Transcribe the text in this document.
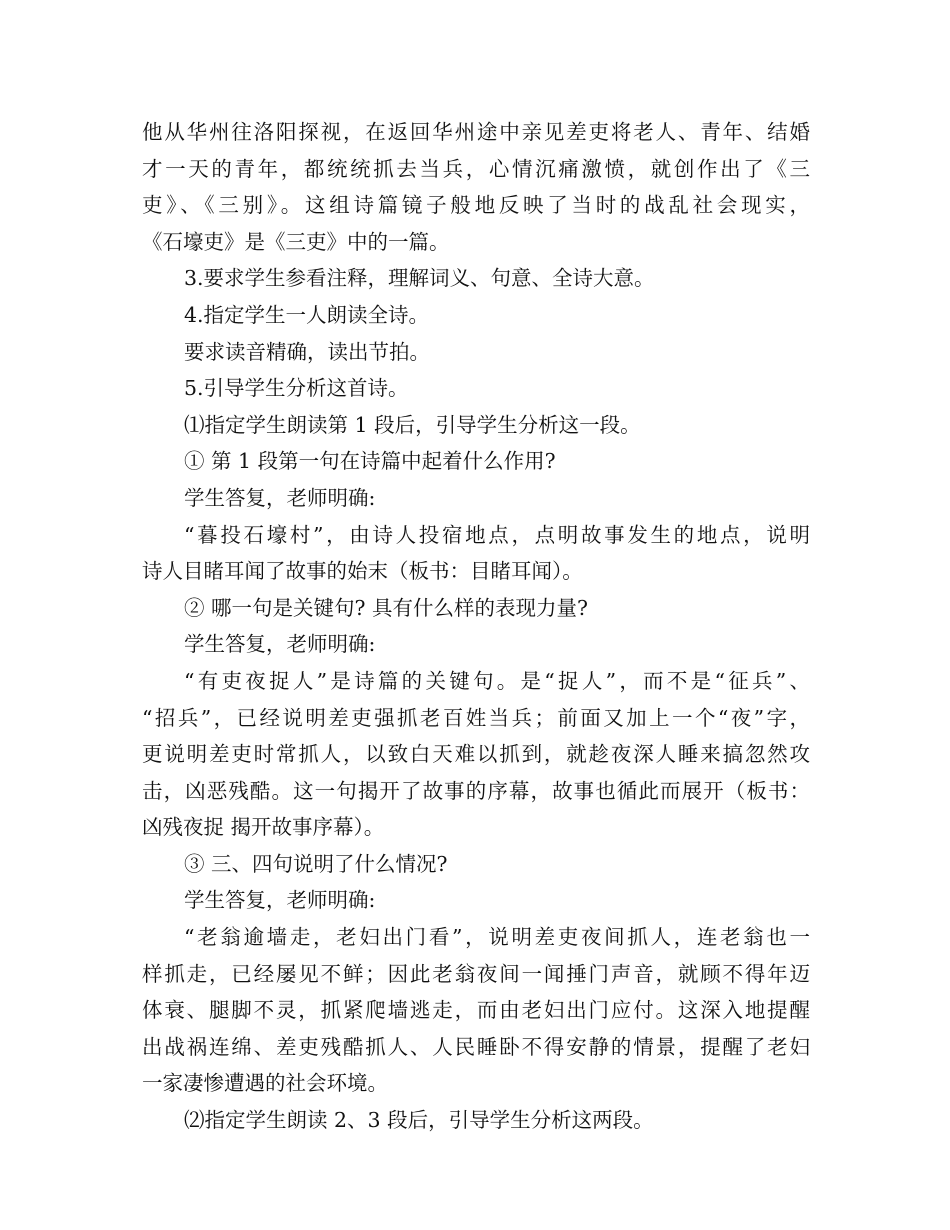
他从华州往洛阳探视，在返回华州途中亲见差吏将老人、青年、结婚
才一天的青年，都统统抓去当兵，心情沉痛激愤，就创作出了《三
吏》、《三别》。这组诗篇镜子般地反映了当时的战乱社会现实，
《石壕吏》是《三吏》中的一篇。
3.要求学生参看注释，理解词义、句意、全诗大意。
4.指定学生一人朗读全诗。
要求读音精确，读出节拍。
5.引导学生分析这首诗。
⑴指定学生朗读第 1 段后，引导学生分析这一段。
① 第 1 段第一句在诗篇中起着什么作用?
学生答复，老师明确:
“暮投石壕村”，由诗人投宿地点，点明故事发生的地点，说明
诗人目睹耳闻了故事的始末（板书：目睹耳闻）。
② 哪一句是关键句? 具有什么样的表现力量?
学生答复，老师明确:
“有吏夜捉人”是诗篇的关键句。是“捉人”，而不是“征兵”、
“招兵”，已经说明差吏强抓老百姓当兵；前面又加上一个“夜”字，
更说明差吏时常抓人，以致白天难以抓到，就趁夜深人睡来搞忽然攻
击，凶恶残酷。这一句揭开了故事的序幕，故事也循此而展开（板书：
凶残夜捉 揭开故事序幕）。
③ 三、四句说明了什么情况?
学生答复，老师明确:
“老翁逾墙走，老妇出门看”，说明差吏夜间抓人，连老翁也一
样抓走，已经屡见不鲜；因此老翁夜间一闻捶门声音，就顾不得年迈
体衰、腿脚不灵，抓紧爬墙逃走，而由老妇出门应付。这深入地提醒
出战祸连绵、差吏残酷抓人、人民睡卧不得安静的情景，提醒了老妇
一家凄惨遭遇的社会环境。
⑵指定学生朗读 2、3 段后，引导学生分析这两段。
